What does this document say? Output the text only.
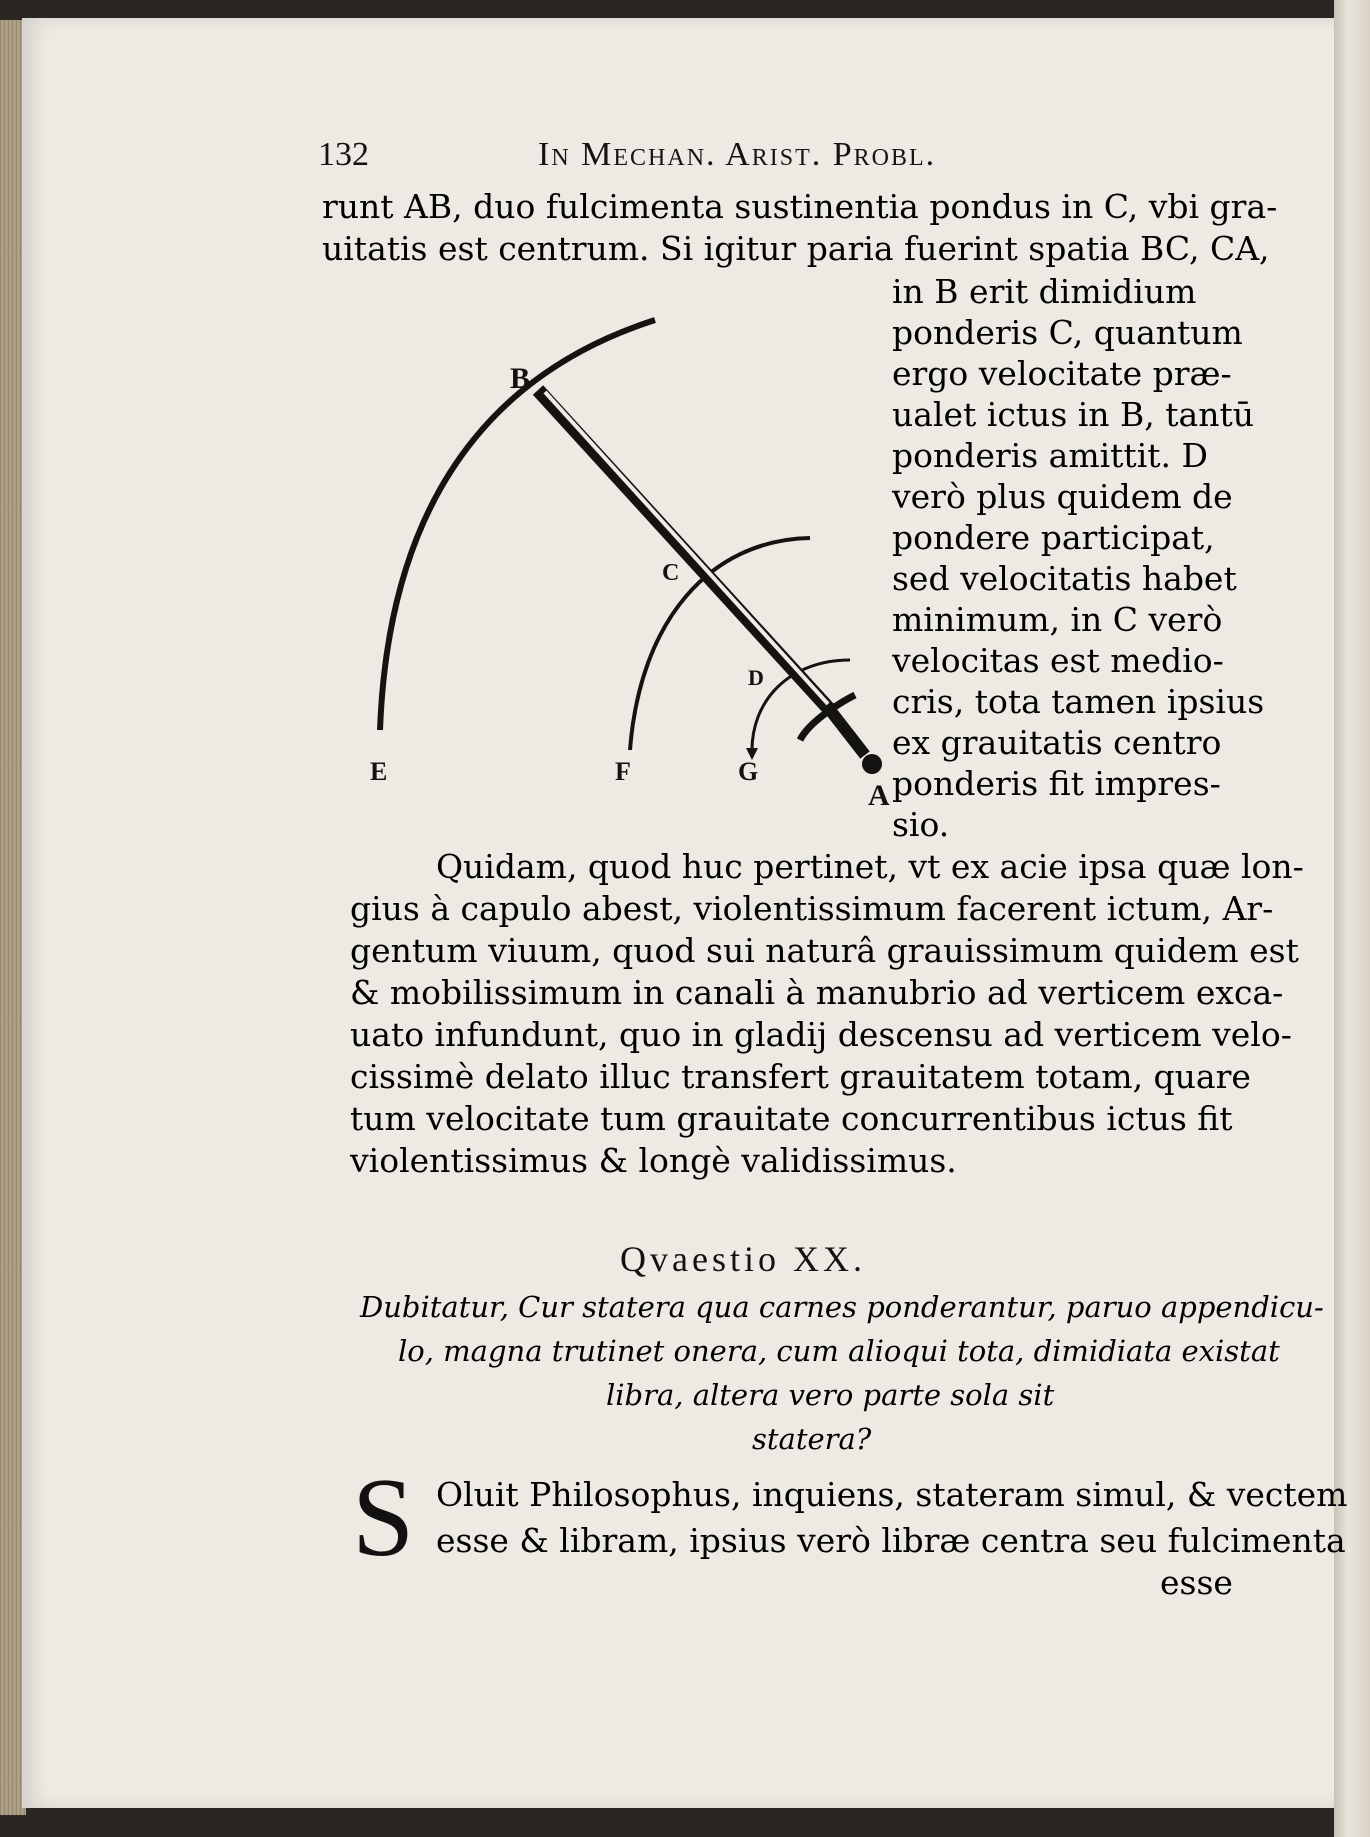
132	In Mechan. Arist. Probl.
runt AB, duo fulcimenta sustinentia pondus in C, vbi gra-
uitatis est centrum. Si igitur paria fuerint spatia BC, CA,
in B erit dimidium
ponderis C, quantum
ergo velocitate præ-
ualet ictus in B, tantū
ponderis amittit. D
verò plus quidem de
pondere participat,
sed velocitatis habet
minimum, in C verò
velocitas est medio-
cris, tota tamen ipsius
ex grauitatis centro
ponderis fit impres-
sio.
B
C
D
E	F	G
A
Quidam, quod huc pertinet, vt ex acie ipsa quæ lon-
gius à capulo abest, violentissimum facerent ictum, Ar-
gentum viuum, quod sui naturâ grauissimum quidem est
& mobilissimum in canali à manubrio ad verticem exca-
uato infundunt, quo in gladij descensu ad verticem velo-
cissimè delato illuc transfert grauitatem totam, quare
tum velocitate tum grauitate concurrentibus ictus fit
violentissimus & longè validissimus.
Qvaestio XX.
Dubitatur, Cur statera qua carnes ponderantur, paruo appendicu-
lo, magna trutinet onera, cum alioqui tota, dimidiata existat
libra, altera vero parte sola sit
statera?
S Oluit Philosophus, inquiens, stateram simul, & vectem
esse & libram, ipsius verò libræ centra seu fulcimenta
esse
